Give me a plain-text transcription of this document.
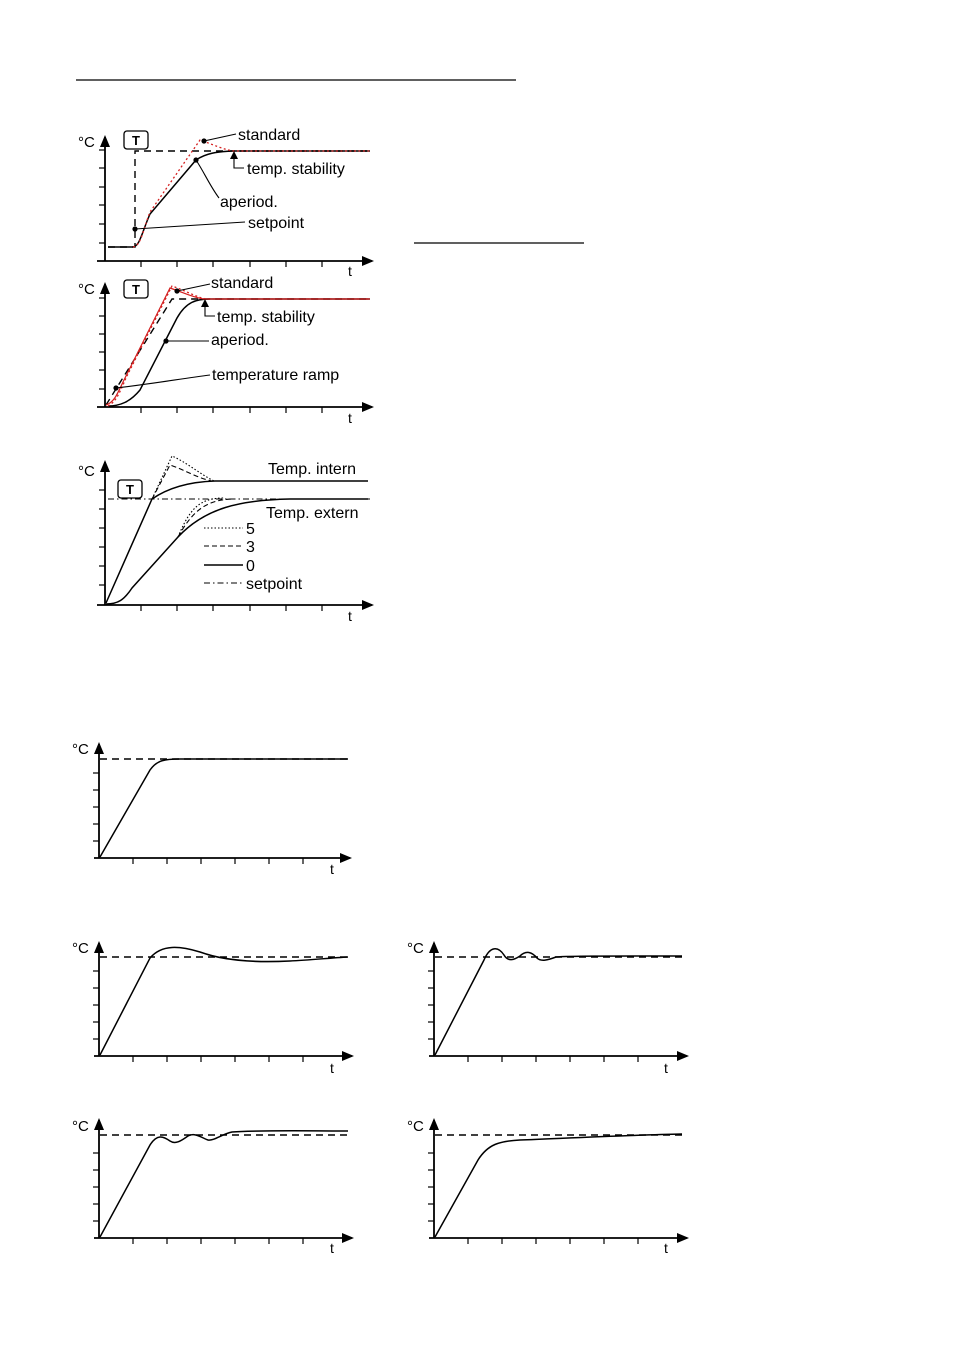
°C
t
T	standard
temp. stability
aperiod.
setpoint
°C
t
T	standard
temp. stability
aperiod.
temperature ramp
°C
t
T
Temp. intern
Temp. extern
5
3
0
setpoint
°C
t
°C
t
°C
t
°C
t
°C
t
